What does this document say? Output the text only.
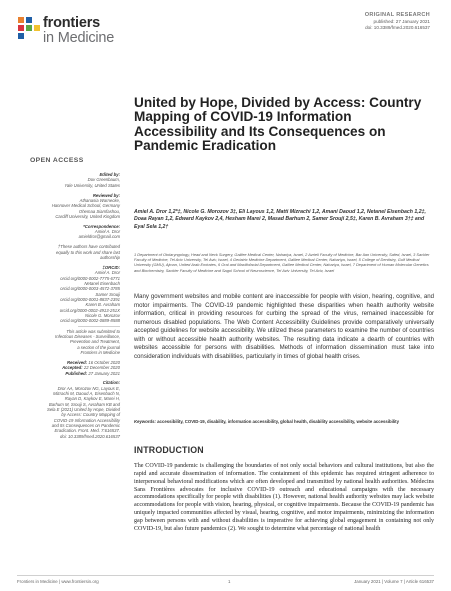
frontiers
in Medicine
ORIGINAL RESEARCH
published: 27 January 2021
doi: 10.3389/fmed.2020.616537
United by Hope, Divided by Access: Country Mapping of COVID-19 Information Accessibility and Its Consequences on Pandemic Eradication
OPEN ACCESS
Edited by:
Dov Greenbaum,
Yale University, United States
Reviewed by:
Athanasia Warnecke,
Hannover Medical School, Germany
Ohemaa Siamfashou,
Cardiff University, United Kingdom
*Correspondence:
Amiel A. Dror
amieldror@gmail.com
†These authors have contributed
equally to this work and share last
authorship
‡ORCID:
Amiel A. Dror
orcid.org/0000-0002-7775-6771
Netanel Eisenbach
orcid.org/0000-0003-4572-3785
Samer Srouji
orcid.org/0000-0001-8837-2391
Karen B. Avraham
orcid.org/0000-0002-4913-251X
Nicole G. Morozov
orcid.org/0000-0002-0889-8588
This article was submitted to
Infectious Diseases - Surveillance,
Prevention and Treatment,
a section of the journal
Frontiers in Medicine
Received: 16 October 2020
Accepted: 22 December 2020
Published: 27 January 2021
Citation:
Dror AA, Morozov NG, Layous E,
Mizrachi M, Daoud A, Eisenbach N,
Rayan D, Kaykov E, Marei H,
Barhum M, Srouji S, Avraham KB and
Sela E (2021) United by Hope, Divided
by Access: Country Mapping of
COVID-19 Information Accessibility
and Its Consequences on Pandemic
Eradication. Front. Med. 7:616537.
doi: 10.3389/fmed.2020.616537
Amiel A. Dror 1,2*‡, Nicole G. Morozov 3‡, Eli Layous 1,2, Matti Mizrachi 1,2, Amani Daoud 1,2, Netanel Eisenbach 1,2‡, Doaa Rayan 1,2, Edward Kaykov 2,4, Hesham Marei 2, Masad Barhum 2, Samer Srouji 2,5‡, Karen B. Avraham 3†‡ and Eyal Sela 1,2†
1 Department of Otolaryngology, Head and Neck Surgery, Galilee Medical Center, Nahariya, Israel, 2 Azrieli Faculty of Medicine, Bar-Ilan University, Safed, Israel, 3 Sackler Faculty of Medicine, Tel Aviv University, Tel Aviv, Israel, 4 Geriatric Medicine Department, Galilee Medical Center, Nahariya, Israel, 5 College of Dentistry, Gulf Medical University (GMU), Ajman, United Arab Emirates, 6 Oral and Maxillofacial Department, Galilee Medical Center, Nahariya, Israel, 7 Department of Human Molecular Genetics and Biochemistry, Sackler Faculty of Medicine and Sagol School of Neuroscience, Tel Aviv University, Tel Aviv, Israel
Many government websites and mobile content are inaccessible for people with vision, hearing, cognitive, and motor impairments. The COVID-19 pandemic highlighted these disparities when health authority website information, critical in providing resources for curbing the spread of the virus, remained inaccessible for numerous disabled populations. The Web Content Accessibility Guidelines provide comparatively universally accepted guidelines for website accessibility. We utilized these parameters to examine the number of countries with or without accessible health authority websites. The resulting data indicate a dearth of countries with websites accessible for persons with disabilities. Methods of information dissemination must take into consideration individuals with disabilities, particularly in times of global health crises.
Keywords: accessibility, COVID-19, disability, information accessibility, global health, disability accessibility, website accessibility
INTRODUCTION
The COVID-19 pandemic is challenging the boundaries of not only social behaviors and cultural institutions, but also the rapid and accurate dissemination of information. The containment of this epidemic has required stringent adherence to interpersonal behavioral modifications which are often developed and transmitted by national health authorities. Médecins Sans Frontières advocates for inclusive COVID-19 outreach and educational campaigns with the necessary accommodations specifically for people with disabilities (1). However, national health authority websites may lack website accommodations for people with vision, hearing, physical, or cognitive impairments. Because the COVID-19 pandemic has uniquely impacted communities affected by visual, hearing, cognitive, and motor impairments, minimizing the information gap between persons with and without disabilities is imperative for achieving global engagement in containing not only COVID-19, but also future pandemics (2). We sought to determine what percentage of national health
Frontiers in Medicine | www.frontiersin.org	1	January 2021 | Volume 7 | Article 616537
